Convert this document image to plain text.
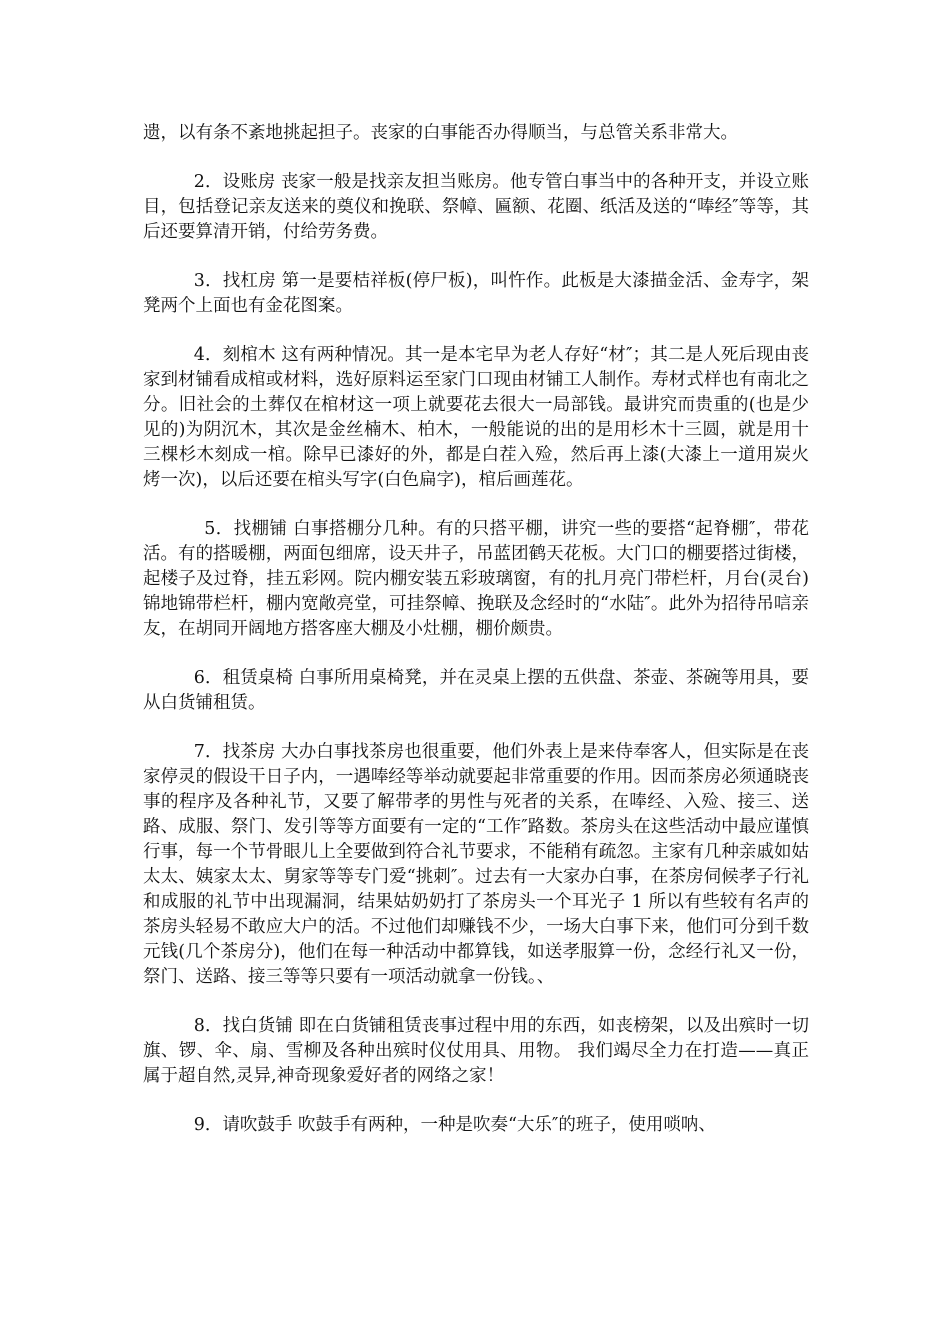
遗，以有条不紊地挑起担子。丧家的白事能否办得顺当，与总管关系非常大。

2．设账房 丧家一般是找亲友担当账房。他专管白事当中的各种开支，并设立账目，包括登记亲友送来的奠仪和挽联、祭幛、匾额、花圈、纸活及送的“唪经″等等，其后还要算清开销，付给劳务费。

3．找杠房 第一是要桔祥板(停尸板)，叫忤作。此板是大漆描金活、金寿字，架凳两个上面也有金花图案。

4．刻棺木 这有两种情况。其一是本宅早为老人存好“材″；其二是人死后现由丧家到材铺看成棺或材料，选好原料运至家门口现由材铺工人制作。寿材式样也有南北之分。旧社会的土葬仅在棺材这一项上就要花去很大一局部钱。最讲究而贵重的(也是少见的)为阴沉木，其次是金丝楠木、柏木，一般能说的出的是用杉木十三圆，就是用十三棵杉木刻成一棺。除早已漆好的外，都是白茬入殓，然后再上漆(大漆上一道用炭火烤一次)，以后还要在棺头写字(白色扁字)，棺后画莲花。

5．找棚铺 白事搭棚分几种。有的只搭平棚，讲究一些的要搭“起脊棚″，带花活。有的搭暖棚，两面包细席，设天井子，吊蓝团鹤天花板。大门口的棚要搭过街楼，起楼子及过脊，挂五彩网。院内棚安装五彩玻璃窗，有的扎月亮门带栏杆，月台(灵台)锦地锦带栏杆，棚内宽敞亮堂，可挂祭幛、挽联及念经时的“水陆″。此外为招待吊唁亲友，在胡同开阔地方搭客座大棚及小灶棚，棚价颇贵。

6．租赁桌椅 白事所用桌椅凳，并在灵桌上摆的五供盘、茶壶、茶碗等用具，要从白货铺租赁。

7．找茶房 大办白事找茶房也很重要，他们外表上是来侍奉客人，但实际是在丧家停灵的假设干日子内，一遇唪经等举动就要起非常重要的作用。因而茶房必须通晓丧事的程序及各种礼节，又要了解带孝的男性与死者的关系，在唪经、入殓、接三、送路、成服、祭门、发引等等方面要有一定的“工作″路数。茶房头在这些活动中最应谨慎行事，每一个节骨眼儿上全要做到符合礼节要求，不能稍有疏忽。主家有几种亲戚如姑太太、姨家太太、舅家等等专门爱“挑刺″。过去有一大家办白事，在茶房伺候孝子行礼和成服的礼节中出现漏洞，结果姑奶奶打了茶房头一个耳光子 1 所以有些较有名声的茶房头轻易不敢应大户的活。不过他们却赚钱不少，一场大白事下来，他们可分到千数元钱(几个茶房分)，他们在每一种活动中都算钱，如送孝服算一份，念经行礼又一份，祭门、送路、接三等等只要有一项活动就拿一份钱。、

8．找白货铺 即在白货铺租赁丧事过程中用的东西，如丧榜架，以及出殡时一切旗、锣、伞、扇、雪柳及各种出殡时仪仗用具、用物。 我们竭尽全力在打造——真正属于超自然,灵异,神奇现象爱好者的网络之家！

9．请吹鼓手 吹鼓手有两种，一种是吹奏“大乐″的班子，使用唢呐、
